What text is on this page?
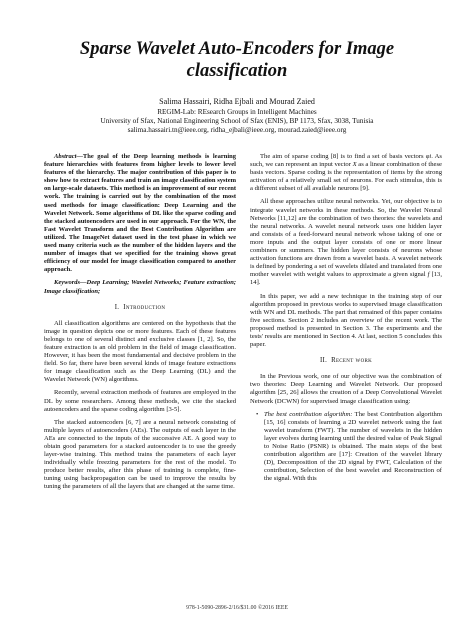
Sparse Wavelet Auto-Encoders for Image classification
Salima Hassairi, Ridha Ejbali and Mourad Zaied
REGIM-Lab: REsearch Groups in Intelligent Machines
University of Sfax, National Engineering School of Sfax (ENIS), BP 1173, Sfax, 3038, Tunisia
salima.hassairi.tn@ieee.org, ridha_ejbali@ieee.org, mourad.zaied@ieee.org
Abstract—The goal of the Deep learning methods is learning feature hierarchies with features from higher levels to lower level features of the hierarchy. The major contribution of this paper is to show how to extract features and train an image classification system on large-scale datasets. This method is an improvement of our recent work. The training is carried out by the combination of the most used methods for image classification: Deep Learning and the Wavelet Network. Some algorithms of DL like the sparse coding and the stacked autoencoders are used in our approach. For the WN, the Fast Wavelet Transform and the Best Contribution Algorithm are utilized. The ImageNet dataset used in the test phase in which we used many criteria such as the number of the hidden layers and the number of images that we specified for the training shows great efficiency of our model for image classification compared to another approach.
Keywords—Deep Learning; Wavelet Networks; Feature extraction; Image classification;
I. Introduction

All classification algorithms are centered on the hypothesis that the image in question depicts one or more features. Each of these features belongs to one of several distinct and exclusive classes [1, 2]. So, the feature extraction is an old problem in the field of image classification. However, it has been the most fundamental and decisive problem in the field. So far, there have been several kinds of image feature extractions for image classification such as the Deep Learning (DL) and the Wavelet Network (WN) algorithms.

Recently, several extraction methods of features are employed in the DL by some researchers. Among these methods, we cite the stacked autoencoders and the sparse coding algorithm [3-5].

The stacked autoencoders [6, 7] are a neural network consisting of multiple layers of autoencoders (AEs). The outputs of each layer in the AEs are connected to the inputs of the successive AE. A good way to obtain good parameters for a stacked autoencoder is to use the greedy layer-wise training. This method trains the parameters of each layer individually while freezing parameters for the rest of the model. To produce better results, after this phase of training is complete, fine-tuning using backpropagation can be used to improve the results by tuning the parameters of all the layers that are changed at the same time.

The aim of sparse coding [8] is to find a set of basis vectors φi. As such, we can represent an input vector X as a linear combination of these basis vectors. Sparse coding is the representation of items by the strong activation of a relatively small set of neurons. For each stimulus, this is a different subset of all available neurons [9].

All these approaches utilize neural networks. Yet, our objective is to integrate wavelet networks in these methods. So, the Wavelet Neural Networks [11,12] are the combination of two theories: the wavelets and the neural networks. A wavelet neural network uses one hidden layer and consists of a feed-forward neural network whose taking of one or more inputs and the output layer consists of one or more linear combiners or summers. The hidden layer consists of neurons whose activation functions are drawn from a wavelet basis. A wavelet network is defined by pondering a set of wavelets dilated and translated from one mother wavelet with weight values to approximate a given signal f [13, 14].

In this paper, we add a new technique in the training step of our algorithm proposed in previous works to supervised image classification with WN and DL methods. The part that remained of this paper contains five sections. Section 2 includes an overview of the recent work. The proposed method is presented in Section 3. The experiments and the tests' results are mentioned in Section 4. At last, section 5 concludes this paper.

II. Recent work

In the Previous work, one of our objective was the combination of two theories: Deep Learning and Wavelet Network. Our proposed algorithm [25, 26] allows the creation of a Deep Convolutional Wavelet Network (DCWN) for supervised image classification using:

• The best contribution algorithm: The best Contribution algorithm [15, 16] consists of learning a 2D wavelet network using the fast wavelet transform (FWT). The number of wavelets in the hidden layer evolves during learning until the desired value of Peak Signal to Noise Ratio (PSNR) is obtained. The main steps of the best contribution algorithm are [17]: Creation of the wavelet library (D), Decomposition of the 2D signal by FWT, Calculation of the contribution, Selection of the best wavelet and Reconstruction of the signal. With this
978-1-5090-2896-2/16/$31.00 ©2016 IEEE
